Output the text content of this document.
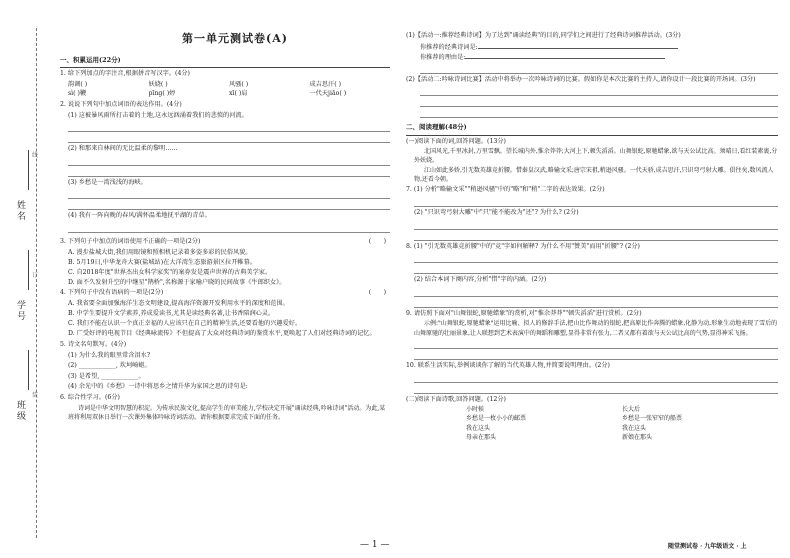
姓名
学号
班级
线
订
装
第一单元测试卷(A)
一、积累运用(22分)
1. 给下列加点的字注音,根据拼音写汉字。(4分)
韵调( )	妖娆( )	风骚( )	成吉思汗( )
sì( )鞭	pīng( )婷	xī( )肩	一代天jiāo( )
2. 说说下列句中加点词语的表达作用。(4分)
(1) 这被暴风雨所打击着的土地,这永远汹涌着我们的悲愤的河流。
(2) 和那来自林间的无比温柔的黎明……
(3) 乡愁是一湾浅浅的海峡。
(4) 我有一阵向晚的春风/满怀温柔地抚平湖的青草。
3. 下列句子中加点的词语使用不正确的一项是(2分)	(　　)
A. 漫步盐城大街,我们用眼镜和照相机记录着多姿多彩的民俗风貌。
B. 5月19日,中华龙舟大赛(盐城站)在大洋湾生态旅游景区拉开帷幕。
C. 自2018年度"世界杰出女科学家奖"的案券发是震声世界的古典美学家。
D. 面不久发射升空的中继星"鹊桥",名称源于家喻户晓的民间故事《牛郎织女》。
4. 下列句子中没有语病的一项是(2分)	(　　)
A. 我省要全面加强海洋生态文明建设,提高海洋资源开发利用水平的深度和范围。
B. 中学生要提升文学素养,养成爱读书,尤其是读经典名著,让书香陪润心灵。
C. 我们不能在认识一个真正幸福的人应该只在自己的精神生活,还要看他的兴趣爱好。
D. 广受好评的电视节目《经典咏流传》不但提高了大众对经典诗词的鉴赏水平,更唤起了人们对经典诗词的记忆。
5. 诗文名句默写。(4分)
(1) 为什么我的眼里常含泪水?
(2) ____________, 坎坷崎岖。
(3) 是希望, ____________。
(4) 余光中的《乡愁》一诗中将思乡之情升华为家国之思的诗句是:
6. 综合性学习。(6分)
诗词是中华文明智慧的积淀。为传承民族文化,提高学生的审美能力,学校决定开展"诵读经典,吟咏诗词"活动。为此,某班将利用双休日举行一次课外集体吟咏诗词活动。请你根据要求完成下面的任务。
(1)【活动一:推荐经典诗词】为了达到"诵读经典"的目的,同学们之间进行了经典诗词推荐活动。(3分)
你推荐的经典诗词是:
你推荐的理由是:
(2)【活动二:吟咏诗词比赛】活动中将举办一次吟咏诗词的比赛。假如你是本次比赛的主持人,请你设计一段比赛的开场词。(3分)
二、阅读理解(48分)
(一)阅读下面的词,回答问题。(13分)
北国风光,千里冰封,万里雪飘。望长城内外,惟余莽莽;大河上下,顿失滔滔。山舞银蛇,原驰蜡象,欲与天公试比高。须晴日,看红装素裹,分外妖娆。
江山如此多娇,引无数英雄竞折腰。惜秦皇汉武,略输文采;唐宗宋祖,稍逊风骚。一代天骄,成吉思汗,只识弯弓射大雕。俱往矣,数风流人物,还看今朝。
7. (1) 分析"略输文采""稍逊风骚"中的"略"和"稍"二字的表达效果。(2分)
(2) "只识弯弓射大雕"中"只"能不能改为"还"? 为什么? (2分)
8. (1) "引无数英雄竞折腰"中的"竞"字如何解释? 为什么不用"赞美"而用"折腰"? (2分)
(2) 结合本词下阕内容,分析"惜"字的内涵。(2分)
9. 请仿照下面对"山舞银蛇,原驰蜡象"的赏析,对"惟余莽莽""顿失滔滔"进行赏析。(2分)
示例:"山舞银蛇,原驰蜡象"运用比喻、拟人的修辞手法,把山比作舞动的银蛇,把高原比作奔腾的蜡象,化静为动,形象生动地表现了雪后的山舞原驰的壮丽景象,让人联想到艺术表演中的舞蹈和雕塑,显得非常有张力,二者又都有着欲与天公试比高的气势,显得神采飞扬。
10. 联系生活实际,举例谈谈你了解的当代英雄人物,并简要说明理由。(2分)
(二)阅读下面诗歌,回答问题。(12分)
小时候	长大后
乡愁是一枚小小的邮票	乡愁是一张窄窄的船票
我在这头	我在这头
母亲在那头	新娘在那头
— 1 —	随堂测试卷 · 九年级语文 · 上
